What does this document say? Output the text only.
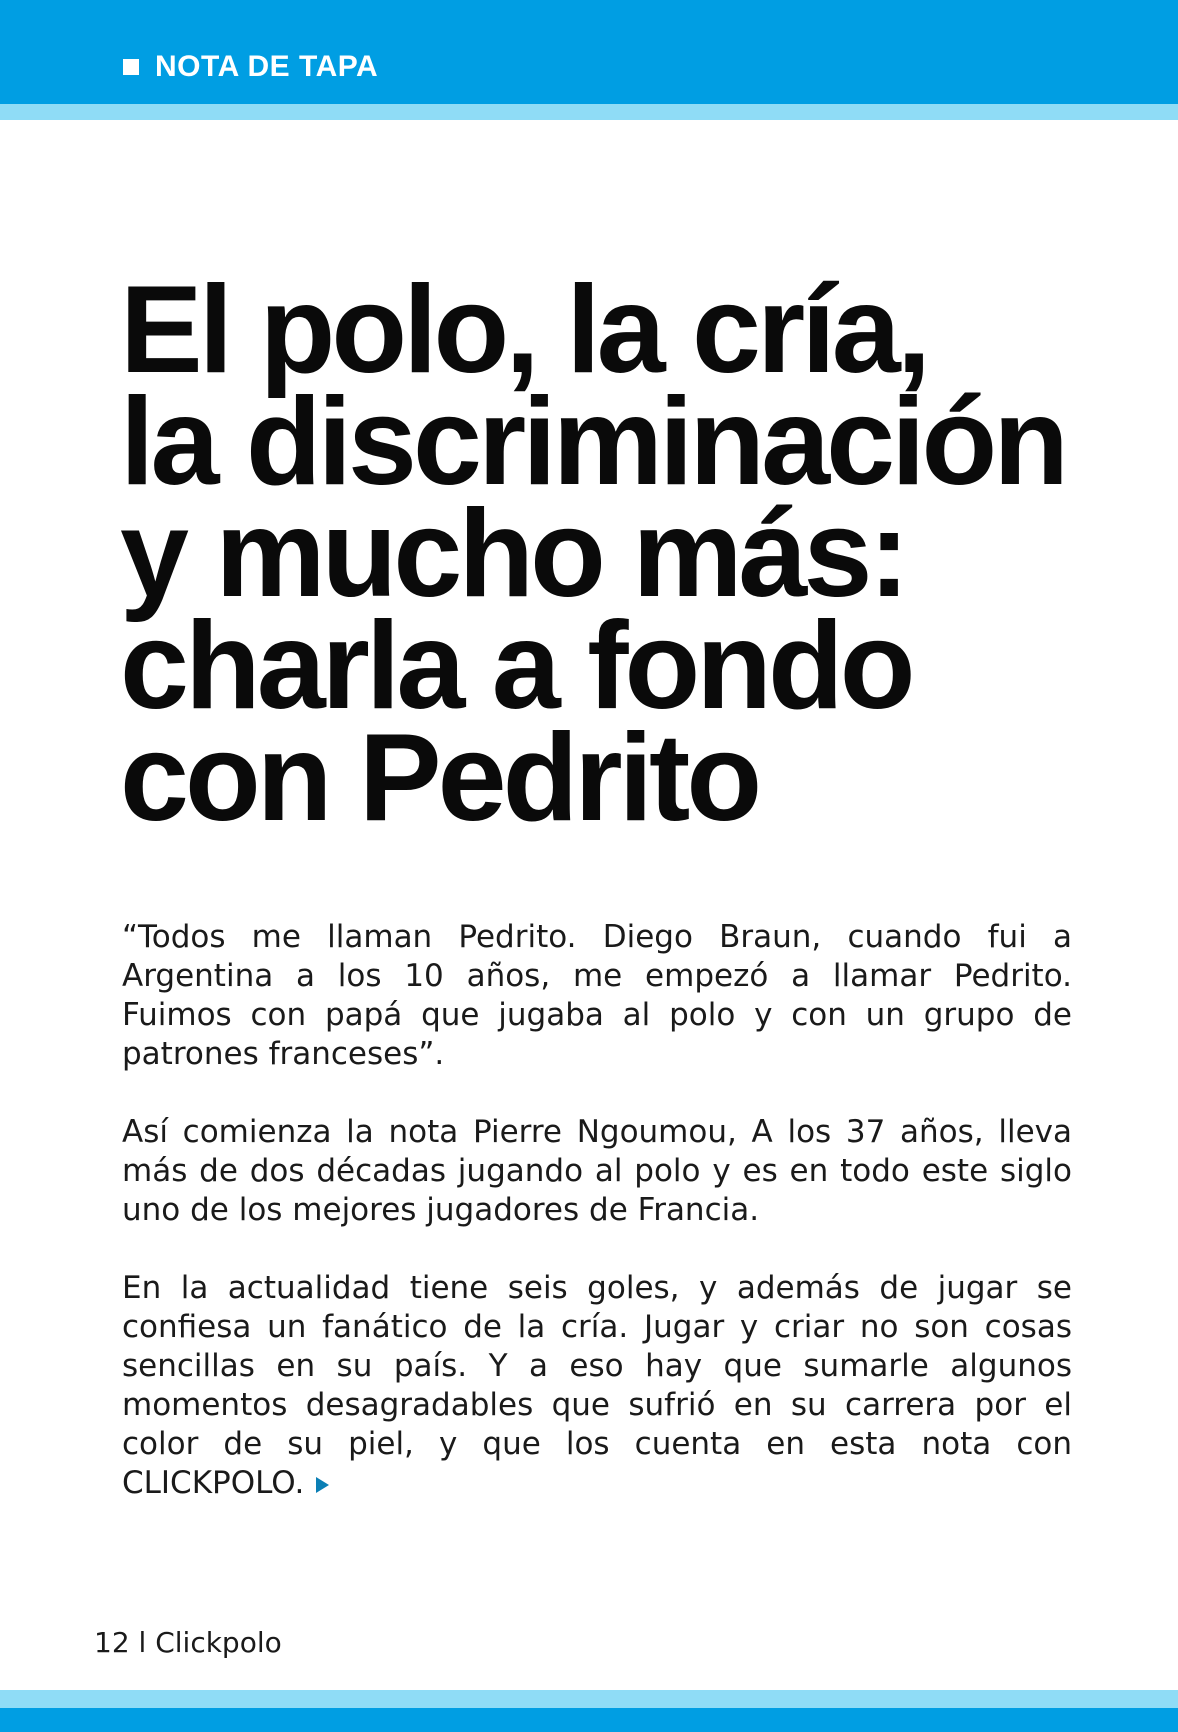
NOTA DE TAPA
El polo, la cría,
la discriminación
y mucho más:
charla a fondo
con Pedrito

“Todos me llaman Pedrito. Diego Braun, cuando fui a Argentina a los 10 años, me empezó a llamar Pedrito. Fuimos con papá que jugaba al polo y con un grupo de patrones franceses”.

Así comienza la nota Pierre Ngoumou, A los 37 años, lleva más de dos décadas jugando al polo y es en todo este siglo uno de los mejores jugadores de Francia.

En la actualidad tiene seis goles, y además de jugar se confiesa un fanático de la cría. Jugar y criar no son cosas sencillas en su país. Y a eso hay que sumarle algunos momentos desagradables que sufrió en su carrera por el color de su piel, y que los cuenta en esta nota con CLICKPOLO.

12 l Clickpolo
